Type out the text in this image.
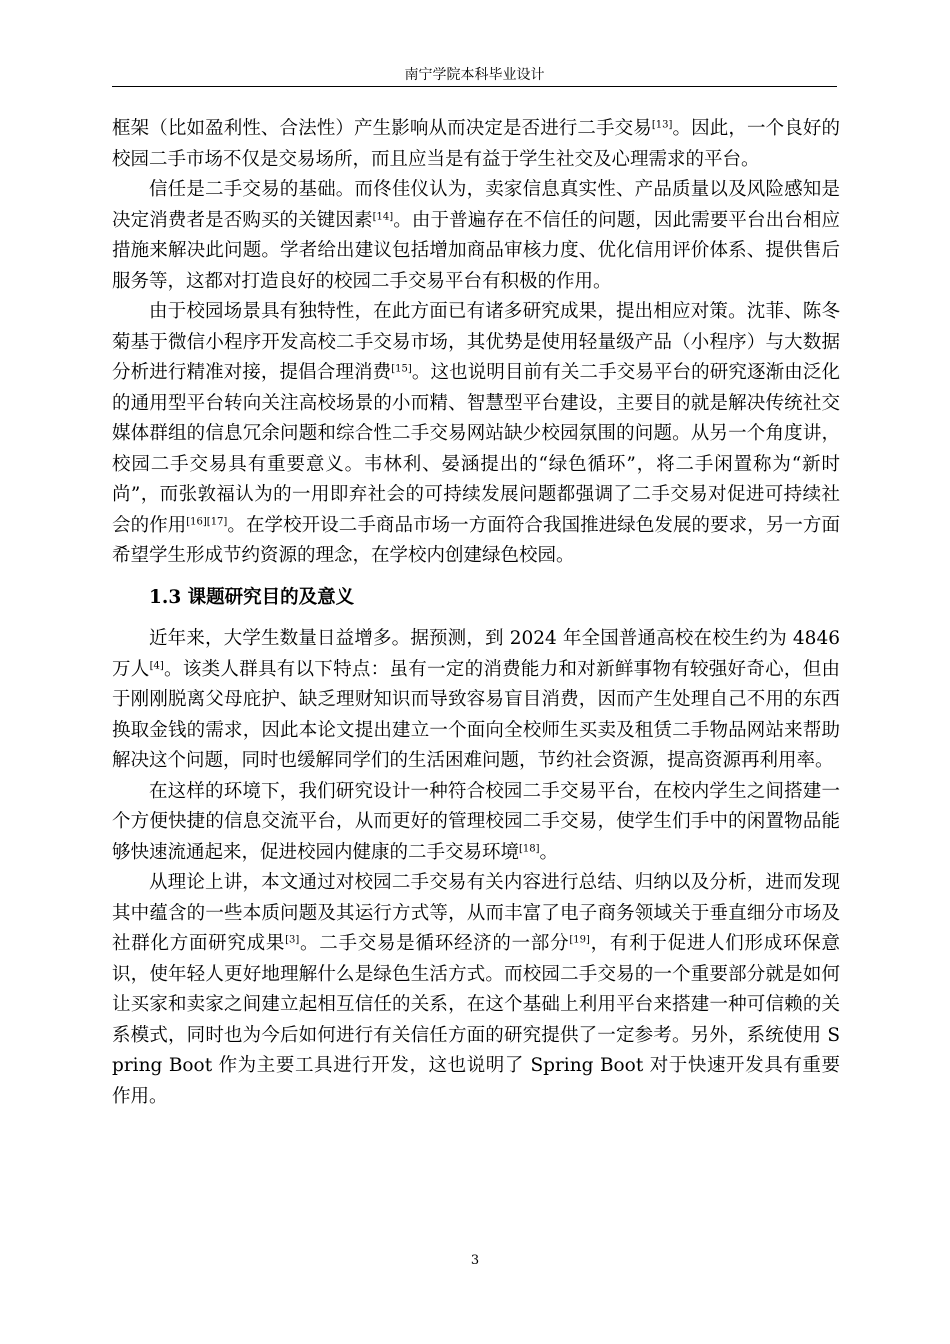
南宁学院本科毕业设计

框架（比如盈利性、合法性）产生影响从而决定是否进行二手交易[13]。因此，一个良好的校园二手市场不仅是交易场所，而且应当是有益于学生社交及心理需求的平台。

信任是二手交易的基础。而佟佳仪认为，卖家信息真实性、产品质量以及风险感知是决定消费者是否购买的关键因素[14]。由于普遍存在不信任的问题，因此需要平台出台相应措施来解决此问题。学者给出建议包括增加商品审核力度、优化信用评价体系、提供售后服务等，这都对打造良好的校园二手交易平台有积极的作用。

由于校园场景具有独特性，在此方面已有诸多研究成果，提出相应对策。沈菲、陈冬菊基于微信小程序开发高校二手交易市场，其优势是使用轻量级产品（小程序）与大数据分析进行精准对接，提倡合理消费[15]。这也说明目前有关二手交易平台的研究逐渐由泛化的通用型平台转向关注高校场景的小而精、智慧型平台建设，主要目的就是解决传统社交媒体群组的信息冗余问题和综合性二手交易网站缺少校园氛围的问题。从另一个角度讲，校园二手交易具有重要意义。韦林利、晏涵提出的“绿色循环”，将二手闲置称为“新时尚”，而张敦福认为的一用即弃社会的可持续发展问题都强调了二手交易对促进可持续社会的作用[16][17]。在学校开设二手商品市场一方面符合我国推进绿色发展的要求，另一方面希望学生形成节约资源的理念，在学校内创建绿色校园。

1.3 课题研究目的及意义

近年来，大学生数量日益增多。据预测，到 2024 年全国普通高校在校生约为 4846 万人[4]。该类人群具有以下特点：虽有一定的消费能力和对新鲜事物有较强好奇心，但由于刚刚脱离父母庇护、缺乏理财知识而导致容易盲目消费，因而产生处理自己不用的东西换取金钱的需求，因此本论文提出建立一个面向全校师生买卖及租赁二手物品网站来帮助解决这个问题，同时也缓解同学们的生活困难问题，节约社会资源，提高资源再利用率。

在这样的环境下，我们研究设计一种符合校园二手交易平台，在校内学生之间搭建一个方便快捷的信息交流平台，从而更好的管理校园二手交易，使学生们手中的闲置物品能够快速流通起来，促进校园内健康的二手交易环境[18]。

从理论上讲，本文通过对校园二手交易有关内容进行总结、归纳以及分析，进而发现其中蕴含的一些本质问题及其运行方式等，从而丰富了电子商务领域关于垂直细分市场及社群化方面研究成果[3]。二手交易是循环经济的一部分[19]，有利于促进人们形成环保意识，使年轻人更好地理解什么是绿色生活方式。而校园二手交易的一个重要部分就是如何让买家和卖家之间建立起相互信任的关系，在这个基础上利用平台来搭建一种可信赖的关系模式，同时也为今后如何进行有关信任方面的研究提供了一定参考。另外，系统使用 Spring Boot 作为主要工具进行开发，这也说明了 Spring Boot 对于快速开发具有重要作用。

3
